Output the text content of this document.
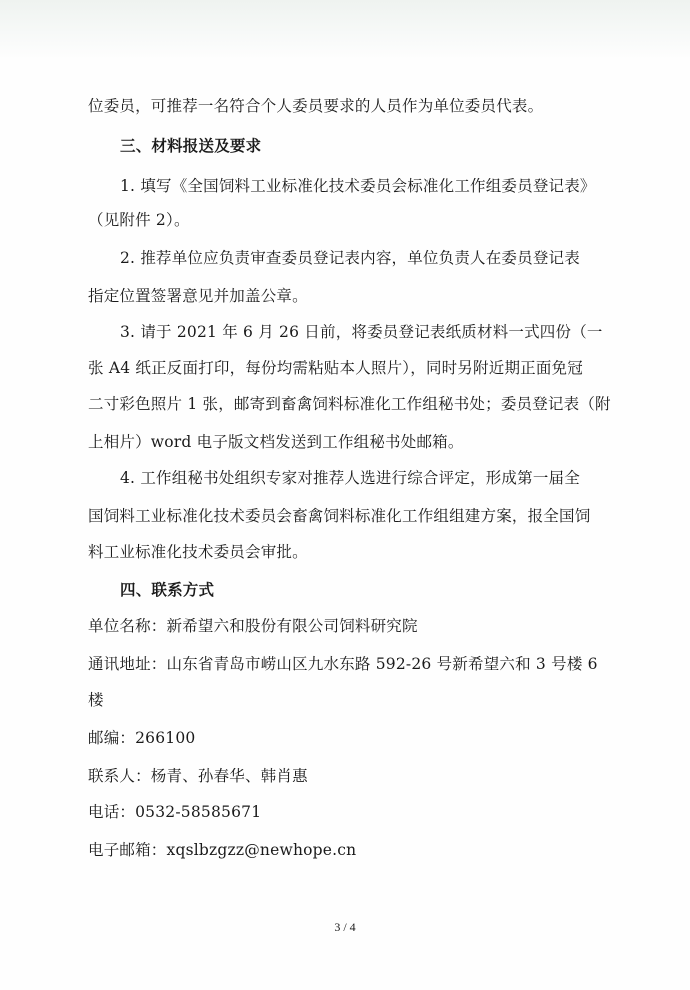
位委员，可推荐一名符合个人委员要求的人员作为单位委员代表。
三、材料报送及要求
1. 填写《全国饲料工业标准化技术委员会标准化工作组委员登记表》
（见附件 2）。
2. 推荐单位应负责审查委员登记表内容，单位负责人在委员登记表
指定位置签署意见并加盖公章。
3. 请于 2021 年 6 月 26 日前，将委员登记表纸质材料一式四份（一
张 A4 纸正反面打印，每份均需粘贴本人照片），同时另附近期正面免冠
二寸彩色照片 1 张，邮寄到畜禽饲料标准化工作组秘书处；委员登记表（附
上相片）word 电子版文档发送到工作组秘书处邮箱。
4. 工作组秘书处组织专家对推荐人选进行综合评定，形成第一届全
国饲料工业标准化技术委员会畜禽饲料标准化工作组组建方案，报全国饲
料工业标准化技术委员会审批。
四、联系方式
单位名称：新希望六和股份有限公司饲料研究院
通讯地址：山东省青岛市崂山区九水东路 592-26 号新希望六和 3 号楼 6
楼
邮编：266100
联系人：杨青、孙春华、韩肖惠
电话：0532-58585671
电子邮箱：xqslbzgzz@newhope.cn
3 / 4
